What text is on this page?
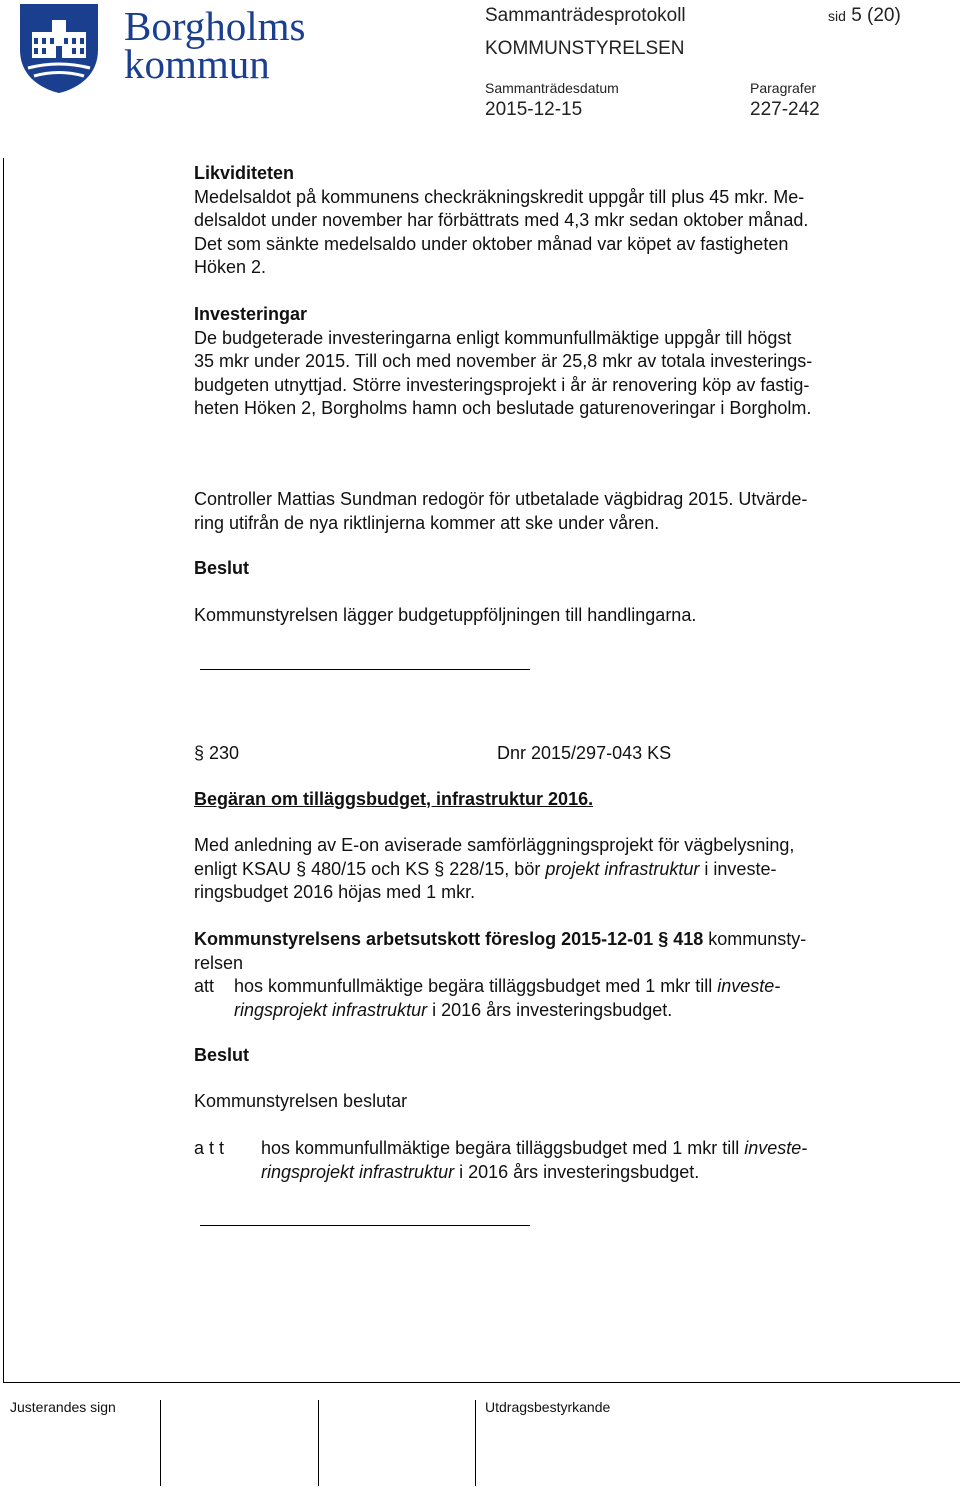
Borgholms
kommun
Sammanträdesprotokoll	sid 5 (20)
KOMMUNSTYRELSEN
Sammanträdesdatum
2015-12-15
Paragrafer
227-242
Likviditeten
Medelsaldot på kommunens checkräkningskredit uppgår till plus 45 mkr. Me-
delsaldot under november har förbättrats med 4,3 mkr sedan oktober månad.
Det som sänkte medelsaldo under oktober månad var köpet av fastigheten
Höken 2.
Investeringar
De budgeterade investeringarna enligt kommunfullmäktige uppgår till högst
35 mkr under 2015. Till och med november är 25,8 mkr av totala investerings-
budgeten utnyttjad. Större investeringsprojekt i år är renovering köp av fastig-
heten Höken 2, Borgholms hamn och beslutade gaturenoveringar i Borgholm.
Controller Mattias Sundman redogör för utbetalade vägbidrag 2015. Utvärde-
ring utifrån de nya riktlinjerna kommer att ske under våren.
Beslut
Kommunstyrelsen lägger budgetuppföljningen till handlingarna.
§ 230	Dnr 2015/297-043 KS
Begäran om tilläggsbudget, infrastruktur 2016.
Med anledning av E-on aviserade samförläggningsprojekt för vägbelysning,
enligt KSAU § 480/15 och KS § 228/15, bör projekt infrastruktur i investe-
ringsbudget 2016 höjas med 1 mkr.
Kommunstyrelsens arbetsutskott föreslog 2015-12-01 § 418 kommunsty-
relsen
att hos kommunfullmäktige begära tilläggsbudget med 1 mkr till investe-
ringsprojekt infrastruktur i 2016 års investeringsbudget.
Beslut
Kommunstyrelsen beslutar
a t t hos kommunfullmäktige begära tilläggsbudget med 1 mkr till investe-
ringsprojekt infrastruktur i 2016 års investeringsbudget.
Justerandes sign	Utdragsbestyrkande
